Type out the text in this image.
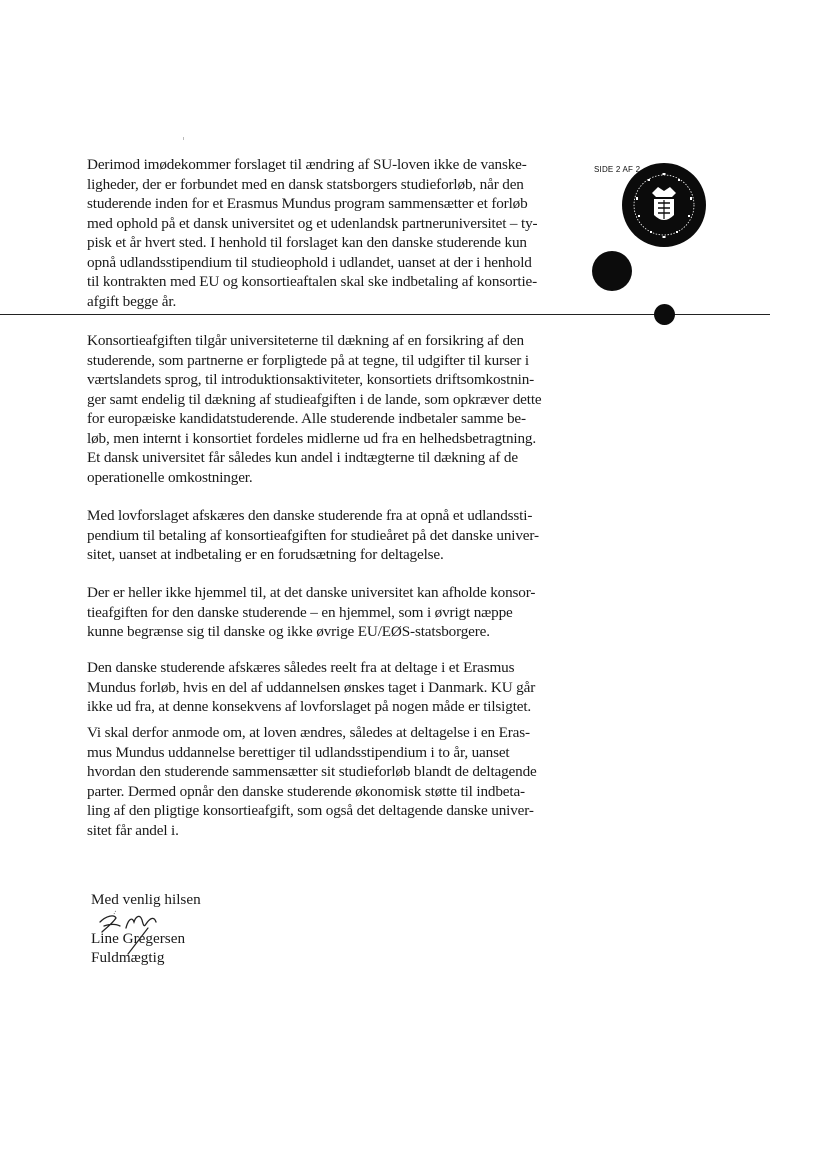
SIDE 2 AF 2
Derimod imødekommer forslaget til ændring af SU-loven ikke de vanske-
ligheder, der er forbundet med en dansk statsborgers studieforløb, når den
studerende inden for et Erasmus Mundus program sammensætter et forløb
med ophold på et dansk universitet og et udenlandsk partneruniversitet – ty-
pisk et år hvert sted. I henhold til forslaget kan den danske studerende kun
opnå udlandsstipendium til studieophold i udlandet, uanset at der i henhold
til kontrakten med EU og konsortieaftalen skal ske indbetaling af konsortie-
afgift begge år.
Konsortieafgiften tilgår universiteterne til dækning af en forsikring af den
studerende, som partnerne er forpligtede på at tegne, til udgifter til kurser i
værtslandets sprog, til introduktionsaktiviteter, konsortiets driftsomkostnin-
ger samt endelig til dækning af studieafgiften i de lande, som opkræver dette
for europæiske kandidatstuderende. Alle studerende indbetaler samme be-
løb, men internt i konsortiet fordeles midlerne ud fra en helhedsbetragtning.
Et dansk universitet får således kun andel i indtægterne til dækning af de
operationelle omkostninger.
Med lovforslaget afskæres den danske studerende fra at opnå et udlandssti-
pendium til betaling af konsortieafgiften for studieåret på det danske univer-
sitet, uanset at indbetaling er en forudsætning for deltagelse.
Der er heller ikke hjemmel til, at det danske universitet kan afholde konsor-
tieafgiften for den danske studerende – en hjemmel, som i øvrigt næppe
kunne begrænse sig til danske og ikke øvrige EU/EØS-statsborgere.
Den danske studerende afskæres således reelt fra at deltage i et Erasmus
Mundus forløb, hvis en del af uddannelsen ønskes taget i Danmark. KU går
ikke ud fra, at denne konsekvens af lovforslaget på nogen måde er tilsigtet.
Vi skal derfor anmode om, at loven ændres, således at deltagelse i en Eras-
mus Mundus uddannelse berettiger til udlandsstipendium i to år, uanset
hvordan den studerende sammensætter sit studieforløb blandt de deltagende
parter. Dermed opnår den danske studerende økonomisk støtte til indbeta-
ling af den pligtige konsortieafgift, som også det deltagende danske univer-
sitet får andel i.
Med venlig hilsen
Line Gregersen
Fuldmægtig
